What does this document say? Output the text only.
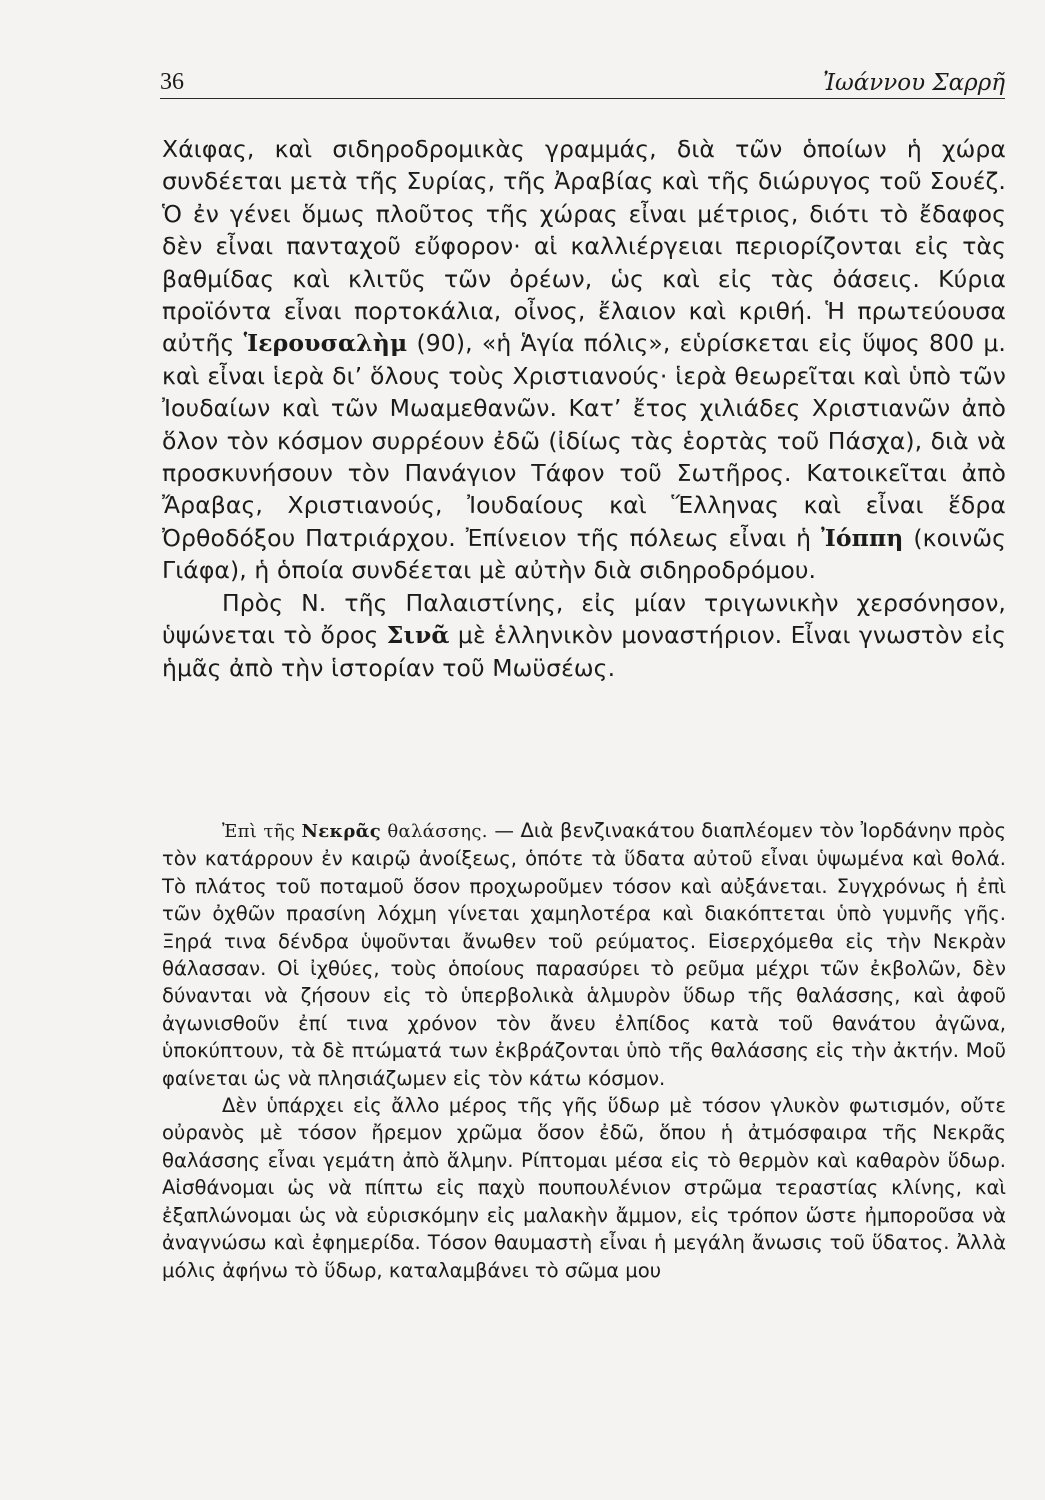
36	Ἰωάννου Σαρρῆ

Χάιφας, καὶ σιδηροδρομικὰς γραμμάς, διὰ τῶν ὁποίων ἡ χώρα συνδέεται μετὰ τῆς Συρίας, τῆς Ἀραβίας καὶ τῆς διώρυγος τοῦ Σουέζ. Ὁ ἐν γένει ὅμως πλοῦτος τῆς χώρας εἶναι μέτριος, διότι τὸ ἔδαφος δὲν εἶναι πανταχοῦ εὔφορον· αἱ καλλιέργειαι περιορίζονται εἰς τὰς βαθμίδας καὶ κλιτῦς τῶν ὀρέων, ὡς καὶ εἰς τὰς ὀάσεις. Κύρια προϊόντα εἶναι πορτοκάλια, οἶνος, ἔλαιον καὶ κριθή. Ἡ πρωτεύουσα αὐτῆς Ἱερουσαλὴμ (90), «ἡ Ἁγία πόλις», εὑρίσκεται εἰς ὕψος 800 μ. καὶ εἶναι ἱερὰ δι’ ὅλους τοὺς Χριστιανούς· ἱερὰ θεωρεῖται καὶ ὑπὸ τῶν Ἰουδαίων καὶ τῶν Μωαμεθανῶν. Κατ’ ἔτος χιλιάδες Χριστιανῶν ἀπὸ ὅλον τὸν κόσμον συρρέουν ἐδῶ (ἰδίως τὰς ἑορτὰς τοῦ Πάσχα), διὰ νὰ προσκυνήσουν τὸν Πανάγιον Τάφον τοῦ Σωτῆρος. Κατοικεῖται ἀπὸ Ἄραβας, Χριστιανούς, Ἰουδαίους καὶ Ἕλληνας καὶ εἶναι ἕδρα Ὀρθοδόξου Πατριάρχου. Ἐπίνειον τῆς πόλεως εἶναι ἡ Ἰόππη (κοινῶς Γιάφα), ἡ ὁποία συνδέεται μὲ αὐτὴν διὰ σιδηροδρόμου.

Πρὸς Ν. τῆς Παλαιστίνης, εἰς μίαν τριγωνικὴν χερσόνησον, ὑψώνεται τὸ ὄρος Σινᾶ μὲ ἑλληνικὸν μοναστήριον. Εἶναι γνωστὸν εἰς ἡμᾶς ἀπὸ τὴν ἱστορίαν τοῦ Μωϋσέως.

Ἐπὶ τῆς Νεκρᾶς θαλάσσης. — Διὰ βενζινακάτου διαπλέομεν τὸν Ἰορδάνην πρὸς τὸν κατάρρουν ἐν καιρῷ ἀνοίξεως, ὁπότε τὰ ὕδατα αὐτοῦ εἶναι ὑψωμένα καὶ θολά. Τὸ πλάτος τοῦ ποταμοῦ ὅσον προχωροῦμεν τόσον καὶ αὐξάνεται. Συγχρόνως ἡ ἐπὶ τῶν ὀχθῶν πρασίνη λόχμη γίνεται χαμηλοτέρα καὶ διακόπτεται ὑπὸ γυμνῆς γῆς. Ξηρά τινα δένδρα ὑψοῦνται ἄνωθεν τοῦ ρεύματος. Εἰσερχόμεθα εἰς τὴν Νεκρὰν θάλασσαν. Οἱ ἰχθύες, τοὺς ὁποίους παρασύρει τὸ ρεῦμα μέχρι τῶν ἐκβολῶν, δὲν δύνανται νὰ ζήσουν εἰς τὸ ὑπερβολικὰ ἁλμυρὸν ὕδωρ τῆς θαλάσσης, καὶ ἀφοῦ ἀγωνισθοῦν ἐπί τινα χρόνον τὸν ἄνευ ἐλπίδος κατὰ τοῦ θανάτου ἀγῶνα, ὑποκύπτουν, τὰ δὲ πτώματά των ἐκβράζονται ὑπὸ τῆς θαλάσσης εἰς τὴν ἀκτήν. Μοῦ φαίνεται ὡς νὰ πλησιάζωμεν εἰς τὸν κάτω κόσμον.

Δὲν ὑπάρχει εἰς ἄλλο μέρος τῆς γῆς ὕδωρ μὲ τόσον γλυκὸν φωτισμόν, οὔτε οὐρανὸς μὲ τόσον ἤρεμον χρῶμα ὅσον ἐδῶ, ὅπου ἡ ἀτμόσφαιρα τῆς Νεκρᾶς θαλάσσης εἶναι γεμάτη ἀπὸ ἅλμην. Ρίπτομαι μέσα εἰς τὸ θερμὸν καὶ καθαρὸν ὕδωρ. Αἰσθάνομαι ὡς νὰ πίπτω εἰς παχὺ πουπουλένιον στρῶμα τεραστίας κλίνης, καὶ ἐξαπλώνομαι ὡς νὰ εὑρισκόμην εἰς μαλακὴν ἄμμον, εἰς τρόπον ὥστε ἠμποροῦσα νὰ ἀναγνώσω καὶ ἐφημερίδα. Τόσον θαυμαστὴ εἶναι ἡ μεγάλη ἄνωσις τοῦ ὕδατος. Ἀλλὰ μόλις ἀφήνω τὸ ὕδωρ, καταλαμβάνει τὸ σῶμα μου
